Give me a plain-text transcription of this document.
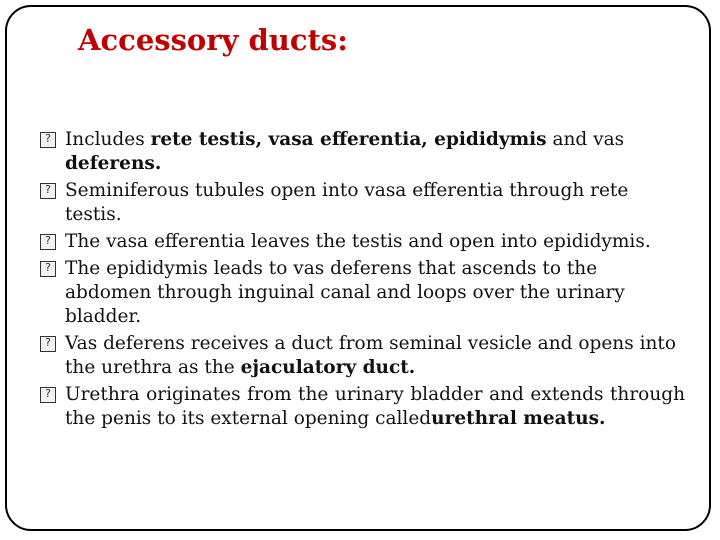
Accessory ducts:
?
Includes rete testis, vasa efferentia, epididymis and vas deferens.
?
Seminiferous tubules open into vasa efferentia through rete testis.
?
The vasa efferentia leaves the testis and open into epididymis.
?
The epididymis leads to vas deferens that ascends to the abdomen through inguinal canal and loops over the urinary bladder.
?
Vas deferens receives a duct from seminal vesicle and opens into the urethra as the ejaculatory duct.
?
Urethra originates from the urinary bladder and extends through the penis to its external opening calledurethral meatus.
